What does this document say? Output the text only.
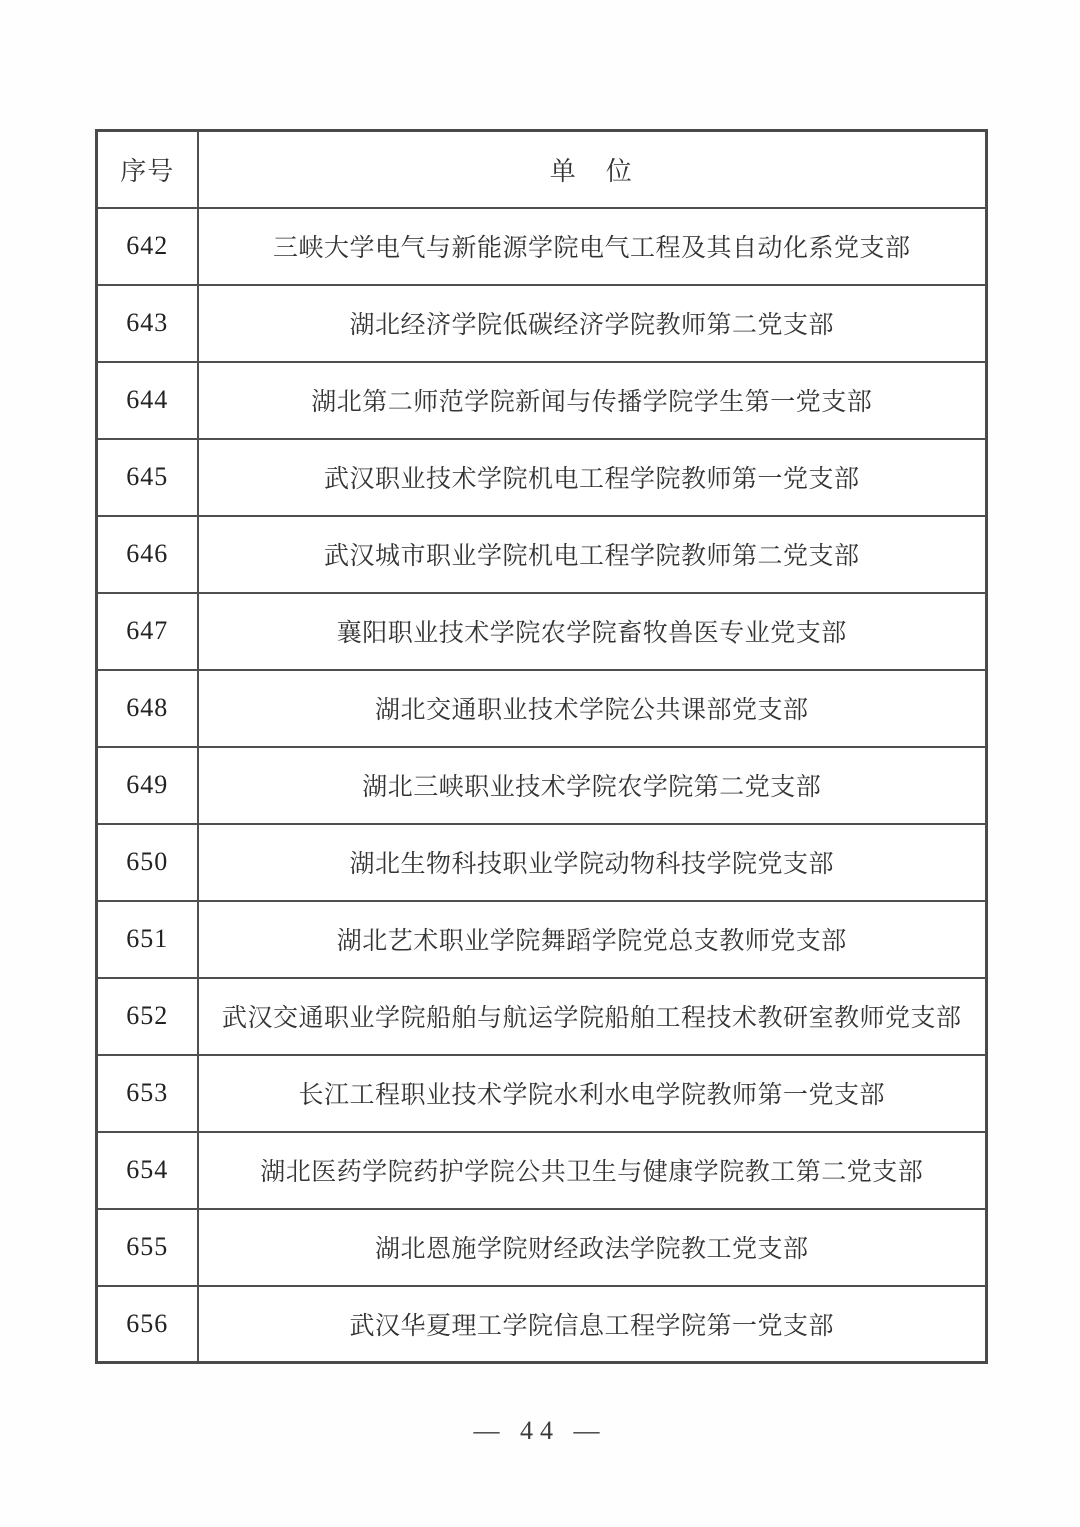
序号	单　位
642	三峡大学电气与新能源学院电气工程及其自动化系党支部
643	湖北经济学院低碳经济学院教师第二党支部
644	湖北第二师范学院新闻与传播学院学生第一党支部
645	武汉职业技术学院机电工程学院教师第一党支部
646	武汉城市职业学院机电工程学院教师第二党支部
647	襄阳职业技术学院农学院畜牧兽医专业党支部
648	湖北交通职业技术学院公共课部党支部
649	湖北三峡职业技术学院农学院第二党支部
650	湖北生物科技职业学院动物科技学院党支部
651	湖北艺术职业学院舞蹈学院党总支教师党支部
652	武汉交通职业学院船舶与航运学院船舶工程技术教研室教师党支部
653	长江工程职业技术学院水利水电学院教师第一党支部
654	湖北医药学院药护学院公共卫生与健康学院教工第二党支部
655	湖北恩施学院财经政法学院教工党支部
656	武汉华夏理工学院信息工程学院第一党支部
— 44 —
